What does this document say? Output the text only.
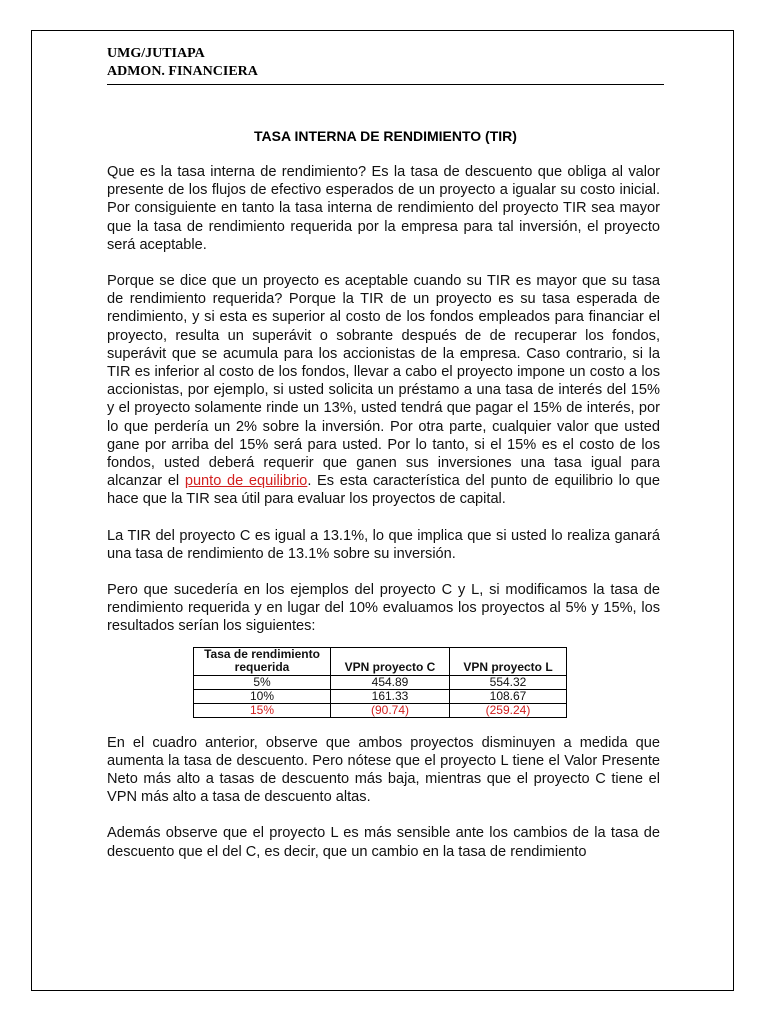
UMG/JUTIAPA
ADMON. FINANCIERA
TASA INTERNA DE RENDIMIENTO (TIR)

Que es la tasa interna de rendimiento? Es la tasa de descuento que obliga al valor presente de los flujos de efectivo esperados de un proyecto a igualar su costo inicial. Por consiguiente en tanto la tasa interna de rendimiento del proyecto TIR sea mayor que la tasa de rendimiento requerida por la empresa para tal inversión, el proyecto será aceptable.

Porque se dice que un proyecto es aceptable cuando su TIR es mayor que su tasa de rendimiento requerida? Porque la TIR de un proyecto es su tasa esperada de rendimiento, y si esta es superior al costo de los fondos empleados para financiar el proyecto, resulta un superávit o sobrante después de de recuperar los fondos, superávit que se acumula para los accionistas de la empresa. Caso contrario, si la TIR es inferior al costo de los fondos, llevar a cabo el proyecto impone un costo a los accionistas, por ejemplo, si usted solicita un préstamo a una tasa de interés del 15% y el proyecto solamente rinde un 13%, usted tendrá que pagar el 15% de interés, por lo que perdería un 2% sobre la inversión. Por otra parte, cualquier valor que usted gane por arriba del 15% será para usted. Por lo tanto, si el 15% es el costo de los fondos, usted deberá requerir que ganen sus inversiones una tasa igual para alcanzar el punto de equilibrio. Es esta característica del punto de equilibrio lo que hace que la TIR sea útil para evaluar los proyectos de capital.

La TIR del proyecto C es igual a 13.1%, lo que implica que si usted lo realiza ganará una tasa de rendimiento de 13.1% sobre su inversión.

Pero que sucedería en los ejemplos del proyecto C y L, si modificamos la tasa de rendimiento requerida y en lugar del 10% evaluamos los proyectos al 5% y 15%, los resultados serían los siguientes:

Tasa de rendimiento requerida	VPN proyecto C	VPN proyecto L
5%	454.89	554.32
10%	161.33	108.67
15%	(90.74)	(259.24)

En el cuadro anterior, observe que ambos proyectos disminuyen a medida que aumenta la tasa de descuento. Pero nótese que el proyecto L tiene el Valor Presente Neto más alto a tasas de descuento más baja, mientras que el proyecto C tiene el VPN más alto a tasa de descuento altas.

Además observe que el proyecto L es más sensible ante los cambios de la tasa de descuento que el del C, es decir, que un cambio en la tasa de rendimiento
